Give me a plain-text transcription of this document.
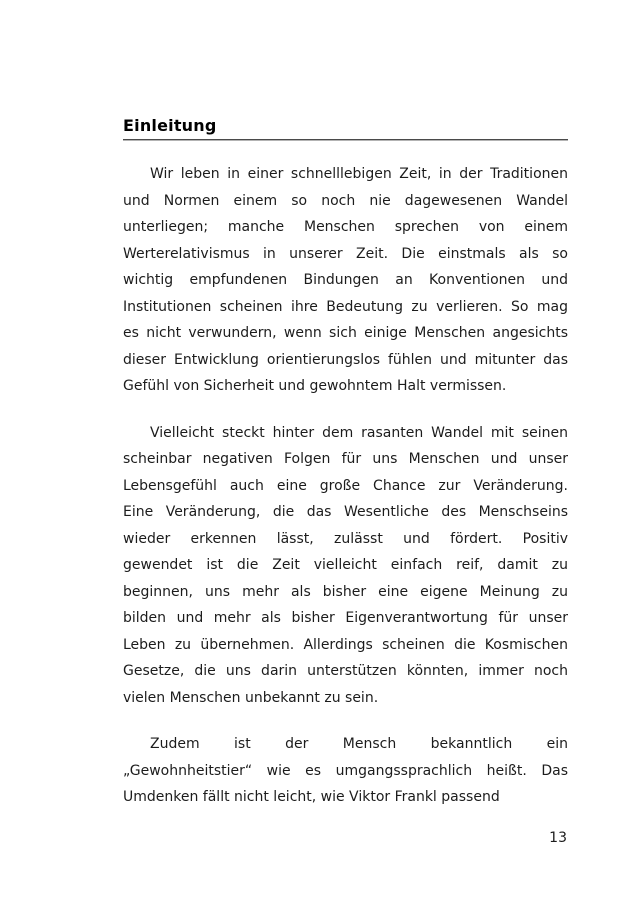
Einleitung
Wir leben in einer schnelllebigen Zeit, in der Traditionen
und Normen einem so noch nie dagewesenen Wandel
unterliegen; manche Menschen sprechen von einem
Werterelativismus in unserer Zeit. Die einstmals als so
wichtig empfundenen Bindungen an Konventionen und
Institutionen scheinen ihre Bedeutung zu verlieren. So mag
es nicht verwundern, wenn sich einige Menschen angesichts
dieser Entwicklung orientierungslos fühlen und mitunter das
Gefühl von Sicherheit und gewohntem Halt vermissen.
Vielleicht steckt hinter dem rasanten Wandel mit seinen
scheinbar negativen Folgen für uns Menschen und unser
Lebensgefühl auch eine große Chance zur Veränderung.
Eine Veränderung, die das Wesentliche des Menschseins
wieder erkennen lässt, zulässt und fördert. Positiv
gewendet ist die Zeit vielleicht einfach reif, damit zu
beginnen, uns mehr als bisher eine eigene Meinung zu
bilden und mehr als bisher Eigenverantwortung für unser
Leben zu übernehmen. Allerdings scheinen die Kosmischen
Gesetze, die uns darin unterstützen könnten, immer noch
vielen Menschen unbekannt zu sein.
Zudem ist der Mensch bekanntlich ein
„Gewohnheitstier“ wie es umgangssprachlich heißt. Das
Umdenken fällt nicht leicht, wie Viktor Frankl passend
13
